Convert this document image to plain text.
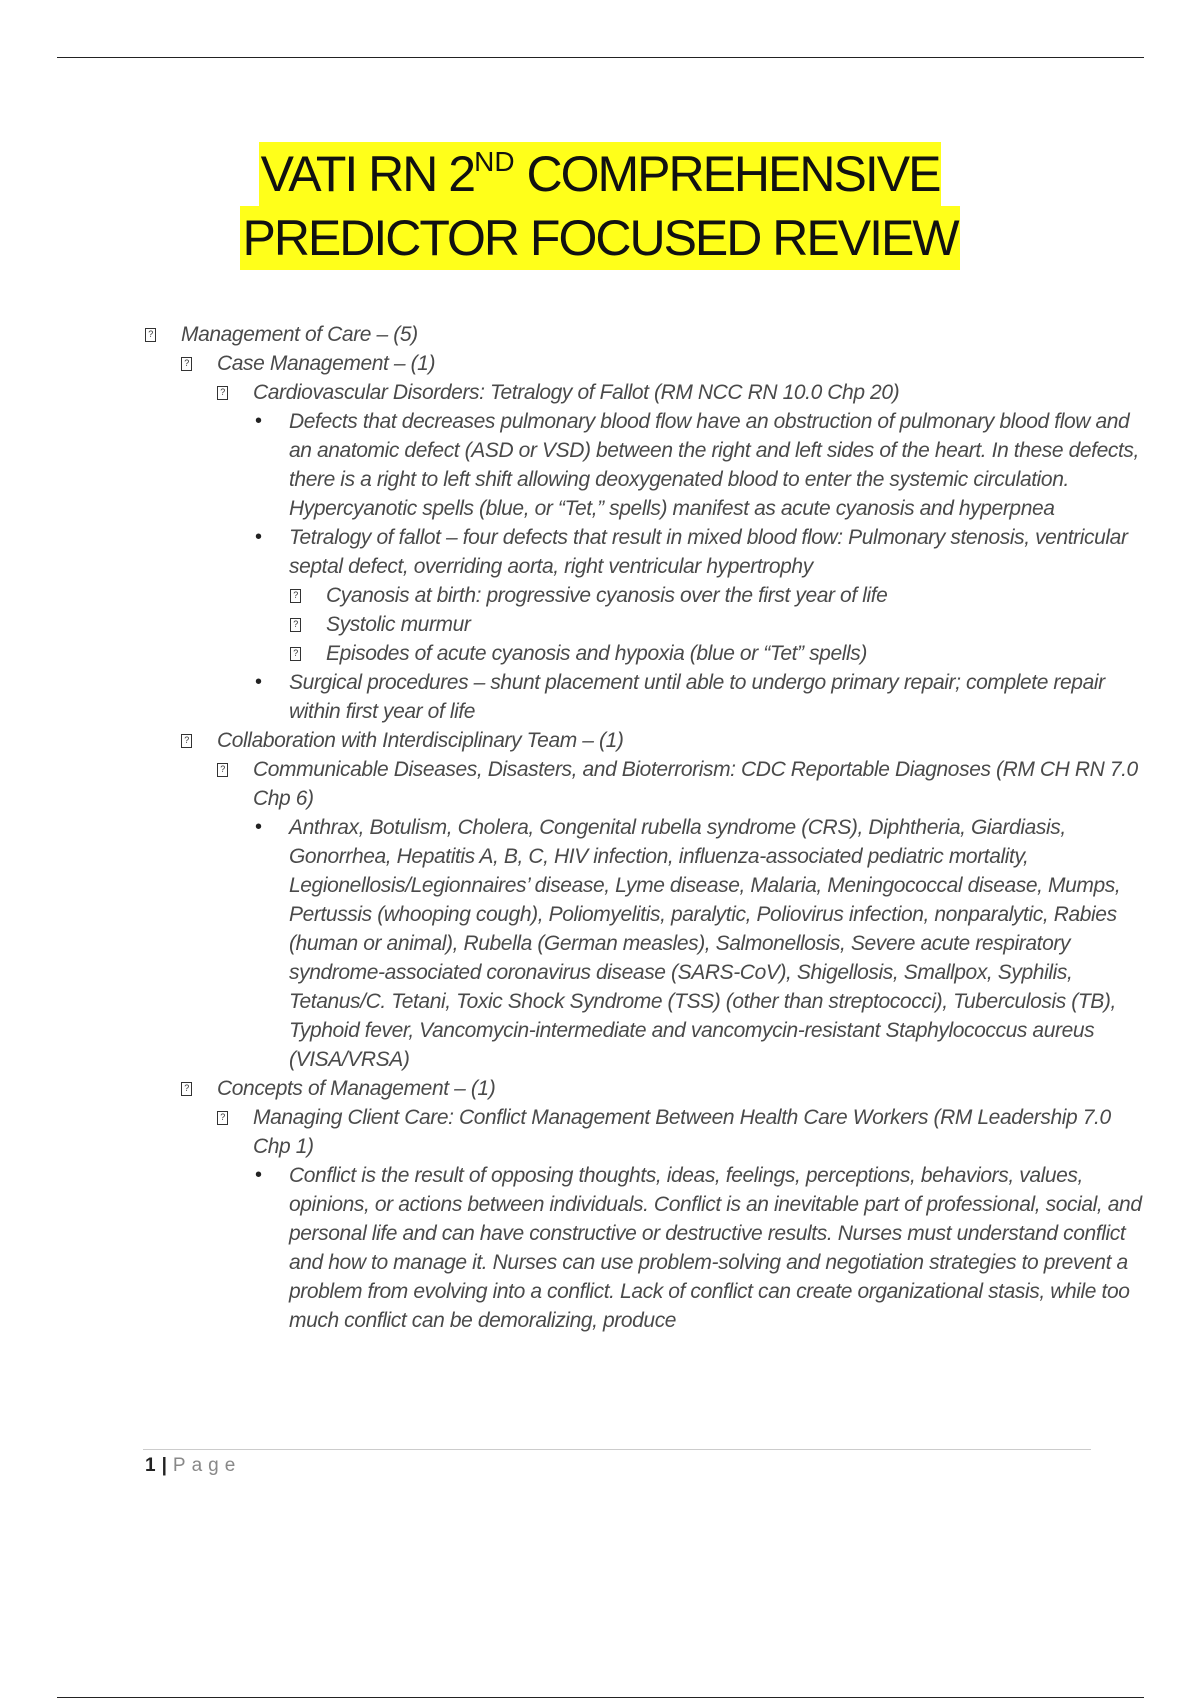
VATI RN 2ND COMPREHENSIVE
PREDICTOR FOCUSED REVIEW
? Management of Care – (5)
? Case Management – (1)
? Cardiovascular Disorders: Tetralogy of Fallot (RM NCC RN 10.0 Chp 20)
• Defects that decreases pulmonary blood flow have an obstruction of pulmonary blood flow and an anatomic defect (ASD or VSD) between the right and left sides of the heart. In these defects, there is a right to left shift allowing deoxygenated blood to enter the systemic circulation. Hypercyanotic spells (blue, or “Tet,” spells) manifest as acute cyanosis and hyperpnea
• Tetralogy of fallot – four defects that result in mixed blood flow: Pulmonary stenosis, ventricular septal defect, overriding aorta, right ventricular hypertrophy
? Cyanosis at birth: progressive cyanosis over the first year of life
? Systolic murmur
? Episodes of acute cyanosis and hypoxia (blue or “Tet” spells)
• Surgical procedures – shunt placement until able to undergo primary repair; complete repair within first year of life
? Collaboration with Interdisciplinary Team – (1)
? Communicable Diseases, Disasters, and Bioterrorism: CDC Reportable Diagnoses (RM CH RN 7.0 Chp 6)
• Anthrax, Botulism, Cholera, Congenital rubella syndrome (CRS), Diphtheria, Giardiasis, Gonorrhea, Hepatitis A, B, C, HIV infection, influenza-associated pediatric mortality, Legionellosis/Legionnaires’ disease, Lyme disease, Malaria, Meningococcal disease, Mumps, Pertussis (whooping cough), Poliomyelitis, paralytic, Poliovirus infection, nonparalytic, Rabies (human or animal), Rubella (German measles), Salmonellosis, Severe acute respiratory syndrome-associated coronavirus disease (SARS-CoV), Shigellosis, Smallpox, Syphilis, Tetanus/C. Tetani, Toxic Shock Syndrome (TSS) (other than streptococci), Tuberculosis (TB), Typhoid fever, Vancomycin-intermediate and vancomycin-resistant Staphylococcus aureus (VISA/VRSA)
? Concepts of Management – (1)
? Managing Client Care: Conflict Management Between Health Care Workers (RM Leadership 7.0 Chp 1)
• Conflict is the result of opposing thoughts, ideas, feelings, perceptions, behaviors, values, opinions, or actions between individuals. Conflict is an inevitable part of professional, social, and personal life and can have constructive or destructive results. Nurses must understand conflict and how to manage it. Nurses can use problem-solving and negotiation strategies to prevent a problem from evolving into a conflict. Lack of conflict can create organizational stasis, while too much conflict can be demoralizing, produce
1 | Page
